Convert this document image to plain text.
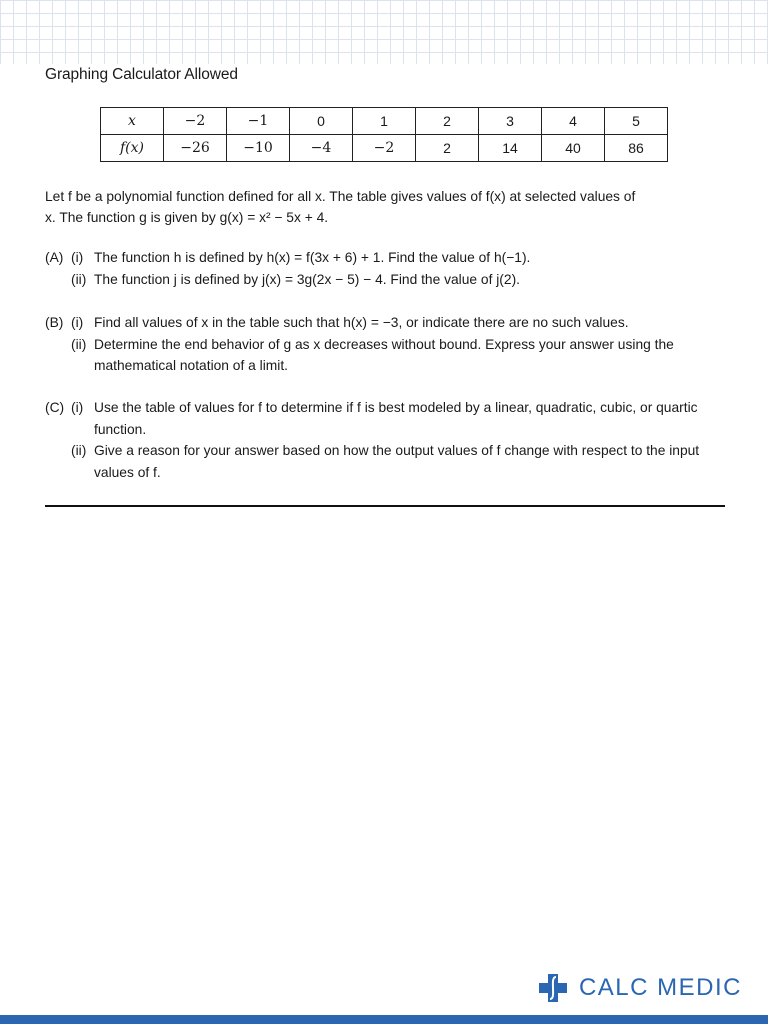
Graphing Calculator Allowed
x	−2	−1	0	1	2	3	4	5
f(x)	−26	−10	−4	−2	2	14	40	86
Let f be a polynomial function defined for all x. The table gives values of f(x) at selected values of
x. The function g is given by g(x) = x² − 5x + 4.
(A) (i) The function h is defined by h(x) = f(3x + 6) + 1. Find the value of h(−1).
(ii) The function j is defined by j(x) = 3g(2x − 5) − 4. Find the value of j(2).
(B) (i) Find all values of x in the table such that h(x) = −3, or indicate there are no such values.
(ii) Determine the end behavior of g as x decreases without bound. Express your answer using the mathematical notation of a limit.
(C) (i) Use the table of values for f to determine if f is best modeled by a linear, quadratic, cubic, or quartic function.
(ii) Give a reason for your answer based on how the output values of f change with respect to the input values of f.
CALC MEDIC
